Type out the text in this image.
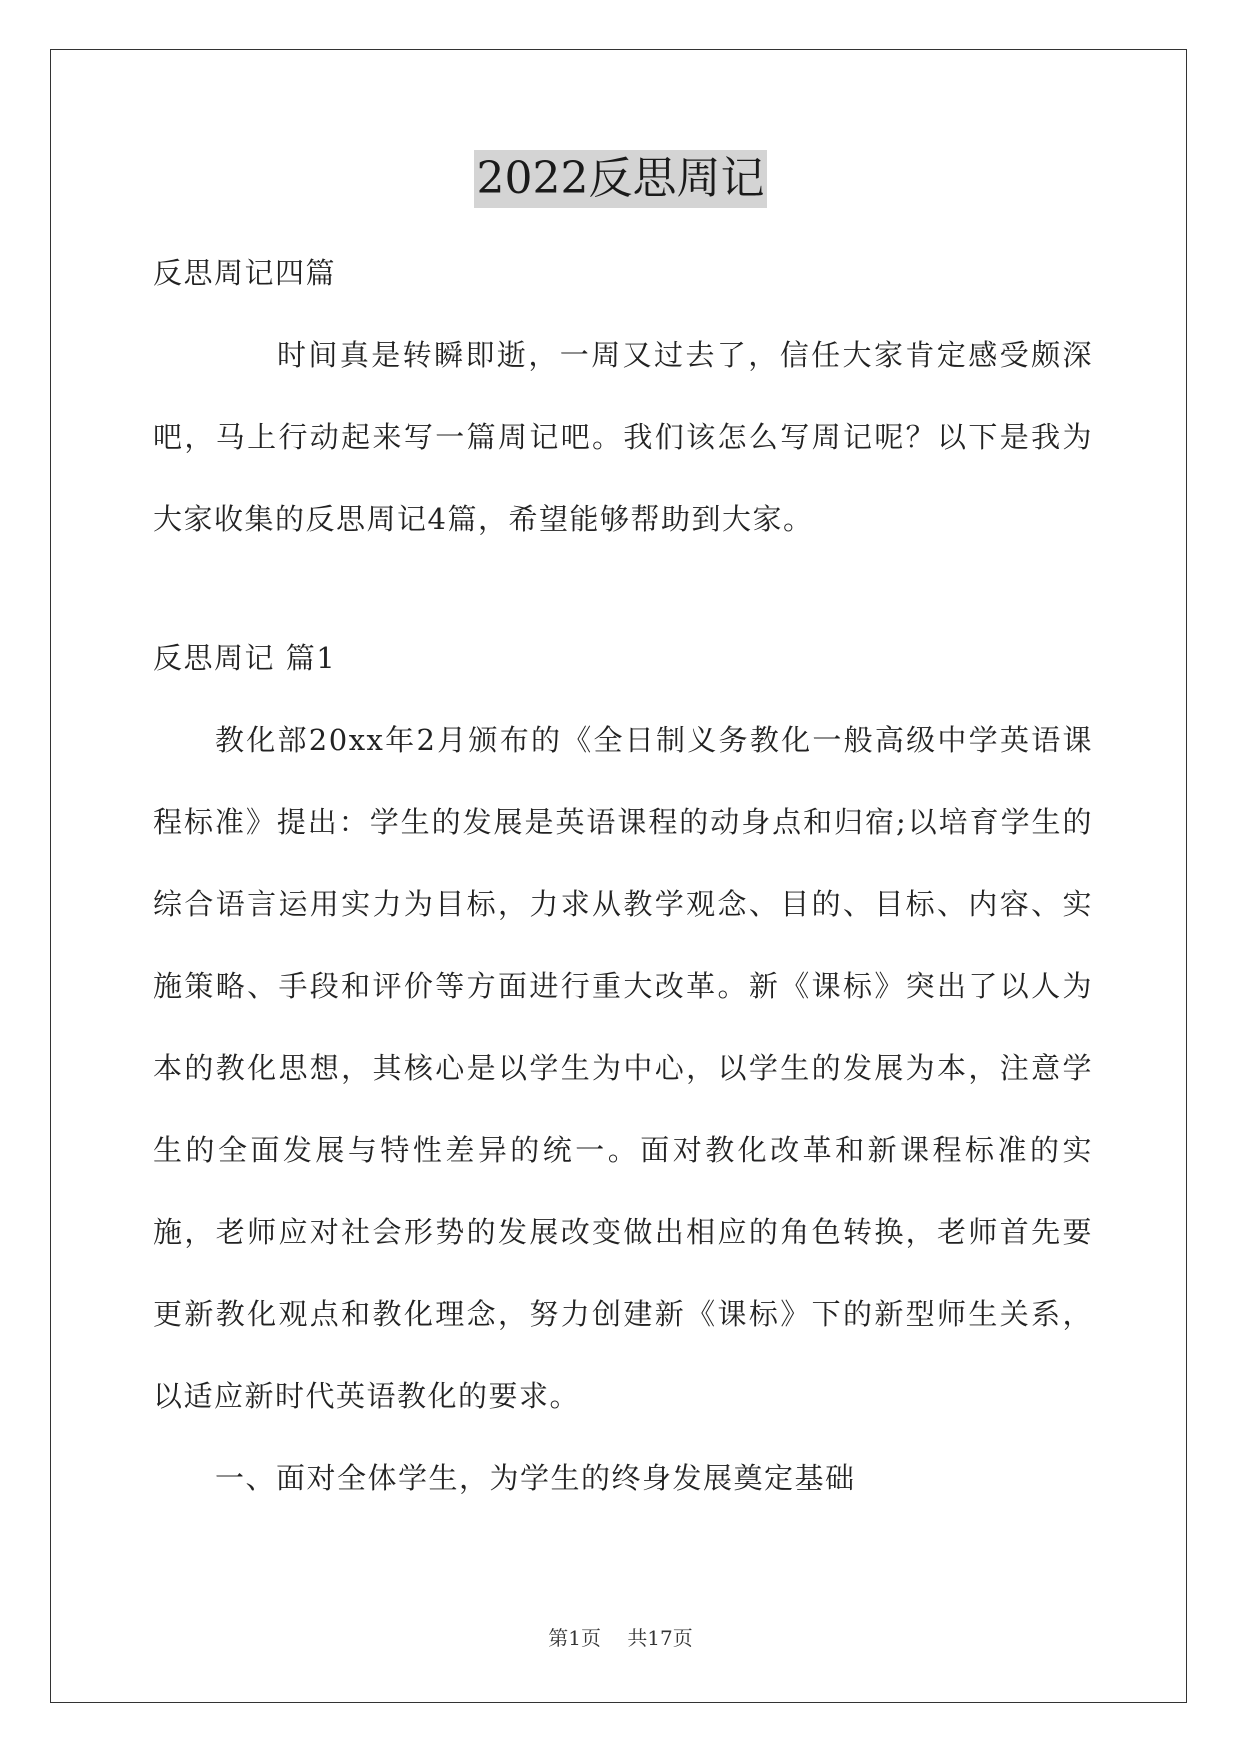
2022反思周记

反思周记四篇

时间真是转瞬即逝，一周又过去了，信任大家肯定感受颇深吧，马上行动起来写一篇周记吧。我们该怎么写周记呢？以下是我为大家收集的反思周记4篇，希望能够帮助到大家。

反思周记 篇1

教化部20xx年2月颁布的《全日制义务教化一般高级中学英语课程标准》提出：学生的发展是英语课程的动身点和归宿;以培育学生的综合语言运用实力为目标，力求从教学观念、目的、目标、内容、实施策略、手段和评价等方面进行重大改革。新《课标》突出了以人为本的教化思想，其核心是以学生为中心，以学生的发展为本，注意学生的全面发展与特性差异的统一。面对教化改革和新课程标准的实施，老师应对社会形势的发展改变做出相应的角色转换，老师首先要更新教化观点和教化理念，努力创建新《课标》下的新型师生关系，以适应新时代英语教化的要求。

一、面对全体学生，为学生的终身发展奠定基础

第1页 共17页
